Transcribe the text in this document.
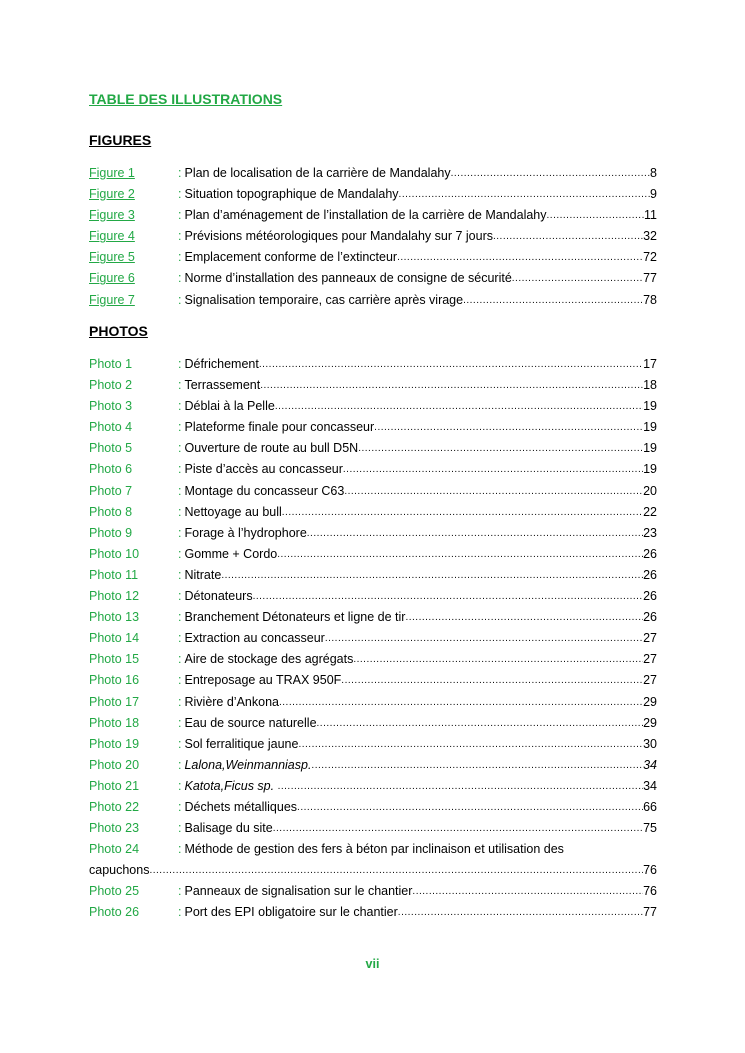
TABLE DES ILLUSTRATIONS
FIGURES
Figure 1	: Plan de localisation de la carrière de Mandalahy .....	8
Figure 2	: Situation topographique de Mandalahy .....	9
Figure 3	: Plan d’aménagement de l’installation de la carrière de Mandalahy .....	11
Figure 4	: Prévisions météorologiques pour Mandalahy sur 7 jours .....	32
Figure 5	: Emplacement conforme de l’extincteur .....	72
Figure 6	: Norme d’installation des panneaux de consigne de sécurité .....	77
Figure 7	: Signalisation temporaire, cas carrière après virage .....	78
PHOTOS
Photo 1	: Défrichement .....	17
Photo 2	: Terrassement .....	18
Photo 3	: Déblai à la Pelle .....	19
Photo 4	: Plateforme finale pour concasseur .....	19
Photo 5	: Ouverture de route au bull D5N .....	19
Photo 6	: Piste d’accès au concasseur .....	19
Photo 7	: Montage du concasseur C63 .....	20
Photo 8	: Nettoyage au bull .....	22
Photo 9	: Forage à l’hydrophore .....	23
Photo 10	: Gomme + Cordo .....	26
Photo 11	: Nitrate .....	26
Photo 12	: Détonateurs .....	26
Photo 13	: Branchement Détonateurs et ligne de tir .....	26
Photo 14	: Extraction au concasseur .....	27
Photo 15	: Aire de stockage des agrégats .....	27
Photo 16	: Entreposage au TRAX 950F .....	27
Photo 17	: Rivière d’Ankona .....	29
Photo 18	: Eau de source naturelle .....	29
Photo 19	: Sol ferralitique jaune .....	30
Photo 20	: Lalona,Weinmanniasp. .....	34
Photo 21	: Katota,Ficus sp. .....	34
Photo 22	: Déchets métalliques .....	66
Photo 23	: Balisage du site .....	75
Photo 24	: Méthode de gestion des fers à béton par inclinaison et utilisation des
capuchons .....	76
Photo 25	: Panneaux de signalisation sur le chantier .....	76
Photo 26	: Port des EPI obligatoire sur le chantier .....	77
vii
